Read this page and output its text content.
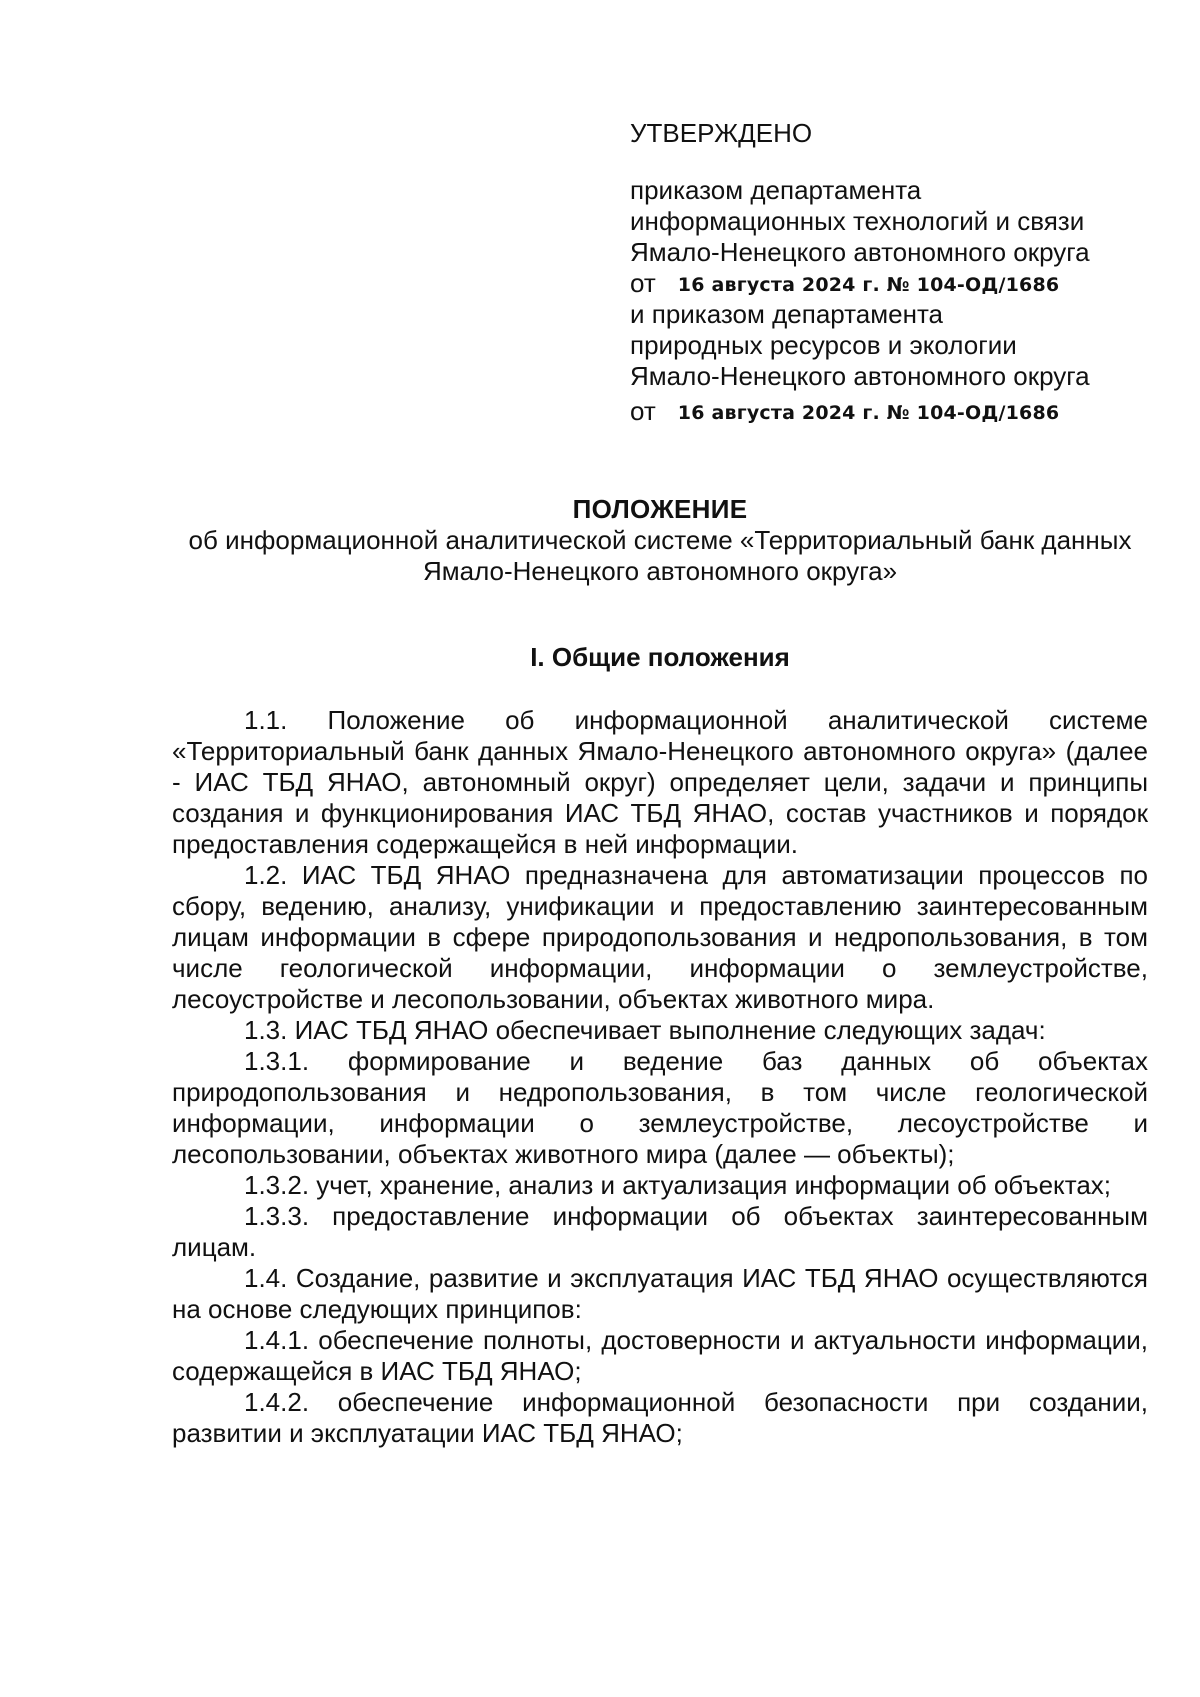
УТВЕРЖДЕНО
приказом департамента
информационных технологий и связи
Ямало-Ненецкого автономного округа
от 16 августа 2024 г. № 104-ОД/1686
и приказом департамента
природных ресурсов и экологии
Ямало-Ненецкого автономного округа
от 16 августа 2024 г. № 104-ОД/1686
ПОЛОЖЕНИЕ
об информационной аналитической системе «Территориальный банк данных Ямало-Ненецкого автономного округа»
I. Общие положения

1.1. Положение об информационной аналитической системе «Территориальный банк данных Ямало-Ненецкого автономного округа» (далее - ИАС ТБД ЯНАО, автономный округ) определяет цели, задачи и принципы создания и функционирования ИАС ТБД ЯНАО, состав участников и порядок предоставления содержащейся в ней информации.

1.2. ИАС ТБД ЯНАО предназначена для автоматизации процессов по сбору, ведению, анализу, унификации и предоставлению заинтересованным лицам информации в сфере природопользования и недропользования, в том числе геологической информации, информации о землеустройстве, лесоустройстве и лесопользовании, объектах животного мира.

1.3. ИАС ТБД ЯНАО обеспечивает выполнение следующих задач:

1.3.1. формирование и ведение баз данных об объектах природопользования и недропользования, в том числе геологической информации, информации о землеустройстве, лесоустройстве и лесопользовании, объектах животного мира (далее — объекты);

1.3.2. учет, хранение, анализ и актуализация информации об объектах;

1.3.3. предоставление информации об объектах заинтересованным лицам.

1.4. Создание, развитие и эксплуатация ИАС ТБД ЯНАО осуществляются на основе следующих принципов:

1.4.1. обеспечение полноты, достоверности и актуальности информации, содержащейся в ИАС ТБД ЯНАО;

1.4.2. обеспечение информационной безопасности при создании, развитии и эксплуатации ИАС ТБД ЯНАО;
